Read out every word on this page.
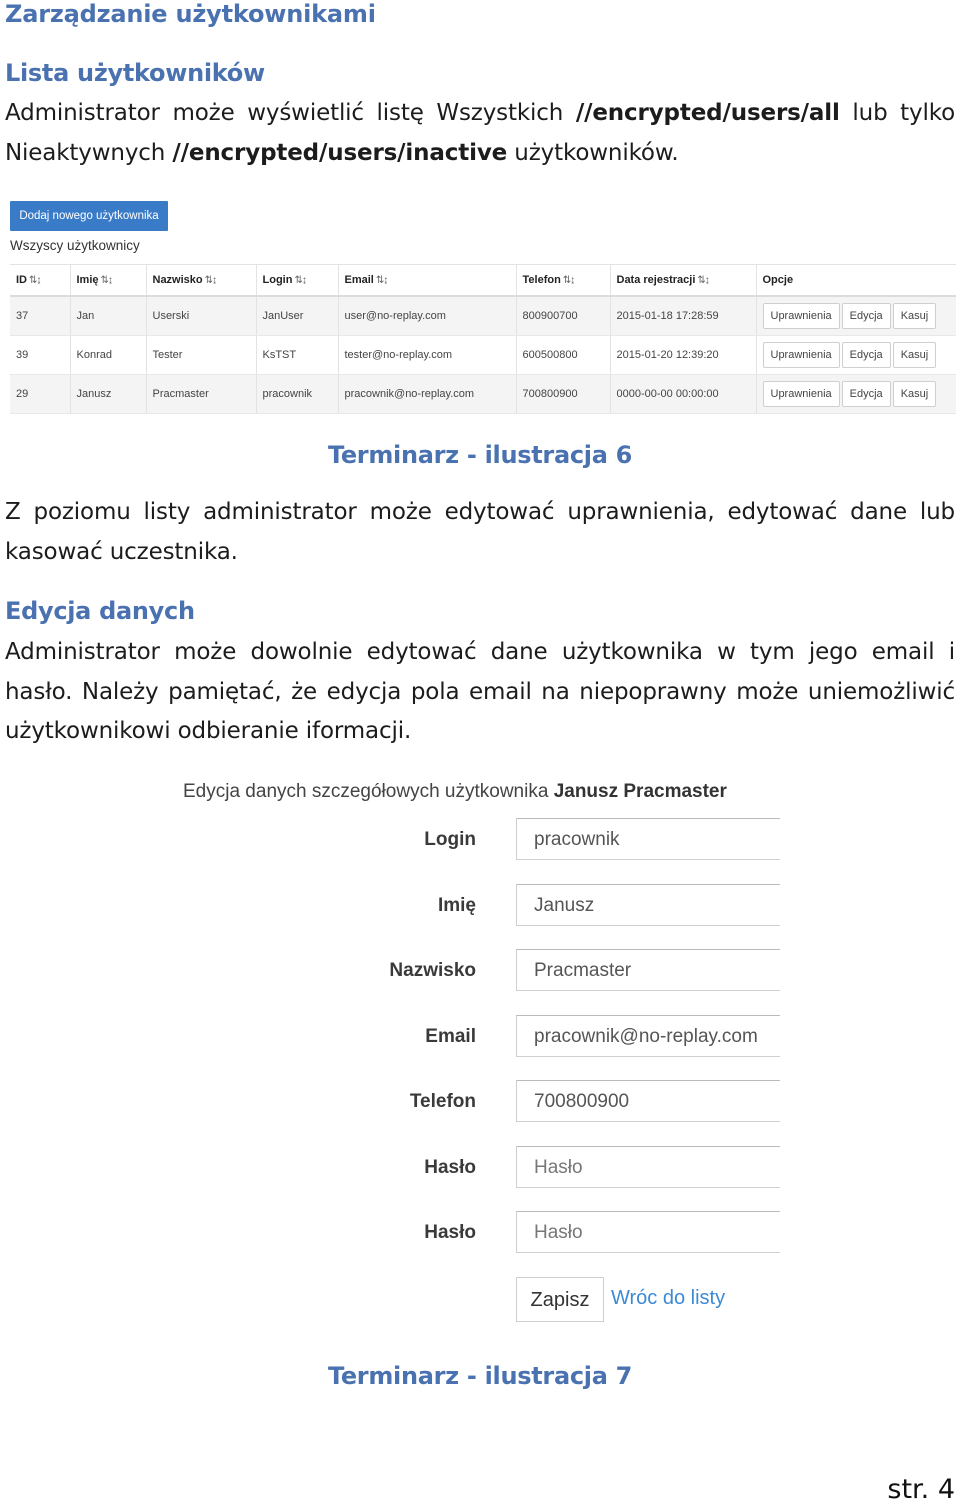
Zarządzanie użytkownikami
Lista użytkowników
Administrator może wyświetlić listę Wszystkich //encrypted/users/all lub tylko Nieaktywnych //encrypted/users/inactive użytkowników.
Dodaj nowego użytkownika
Wszyscy użytkownicy
ID ⇅↨	Imię ⇅↨	Nazwisko ⇅↨	Login ⇅↨	Email ⇅↨	Telefon ⇅↨	Data rejestracji ⇅↨	Opcje
37	Jan	Userski	JanUser	user@no-replay.com	800900700	2015-01-18 17:28:59	Uprawnienia Edycja Kasuj
39	Konrad	Tester	KsTST	tester@no-replay.com	600500800	2015-01-20 12:39:20	Uprawnienia Edycja Kasuj
29	Janusz	Pracmaster	pracownik	pracownik@no-replay.com	700800900	0000-00-00 00:00:00	Uprawnienia Edycja Kasuj
Terminarz - ilustracja 6
Z poziomu listy administrator może edytować uprawnienia, edytować dane lub kasować uczestnika.
Edycja danych
Administrator może dowolnie edytować dane użytkownika w tym jego email i hasło. Należy pamiętać, że edycja pola email na niepoprawny może uniemożliwić użytkownikowi odbieranie iformacji.
Edycja danych szczegółowych użytkownika Janusz Pracmaster
Login	pracownik
Imię	Janusz
Nazwisko	Pracmaster
Email	pracownik@no-replay.com
Telefon	700800900
Hasło	Hasło
Hasło	Hasło
Zapisz	Wróc do listy
Terminarz - ilustracja 7
str. 4
